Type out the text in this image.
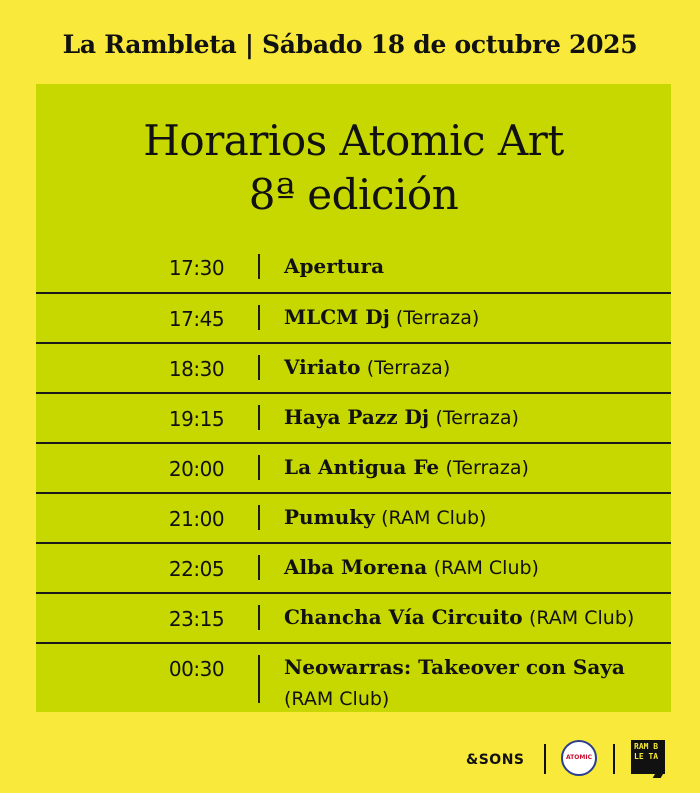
La Rambleta | Sábado 18 de octubre 2025
Horarios Atomic Art
8ª edición
17:30	Apertura
17:45	MLCM Dj (Terraza)
18:30	Viriato (Terraza)
19:15	Haya Pazz Dj (Terraza)
20:00	La Antigua Fe (Terraza)
21:00	Pumuky (RAM Club)
22:05	Alba Morena (RAM Club)
23:15	Chancha Vía Circuito (RAM Club)
00:30	Neowarras: Takeover con Saya
(RAM Club)
&SONS	ATOMIC
RAM BLE TA
